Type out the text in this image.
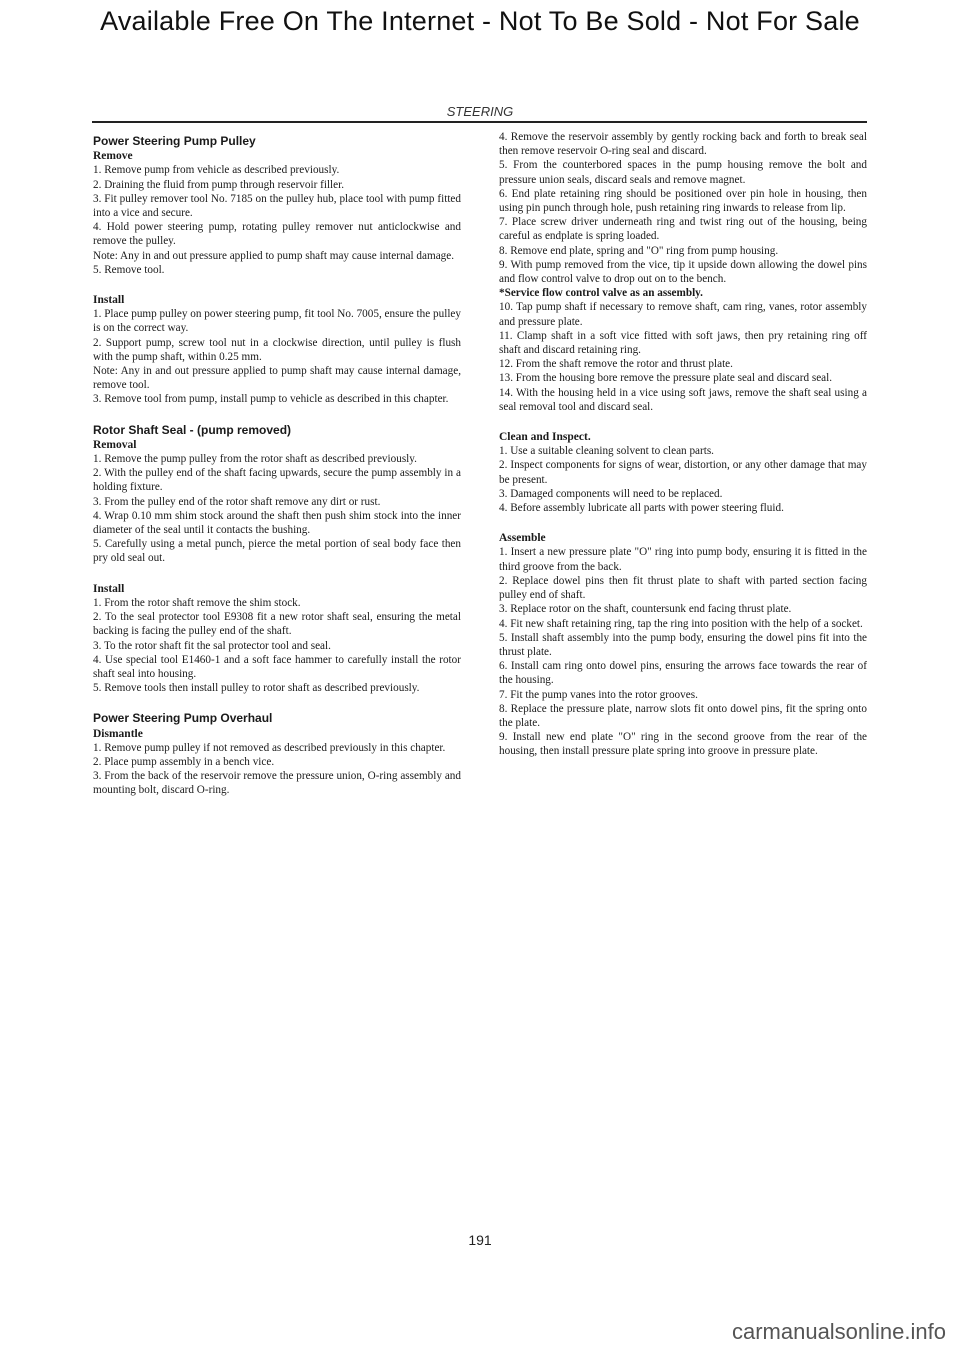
Available Free On The Internet - Not To Be Sold - Not For Sale
STEERING
Power Steering Pump Pulley
Remove

1. Remove pump from vehicle as described previously.

2. Draining the fluid from pump through reservoir filler.

3. Fit pulley remover tool No. 7185 on the pulley hub, place tool with pump fitted into a vice and secure.

4. Hold power steering pump, rotating pulley remover nut anticlockwise and remove the pulley.

Note: Any in and out pressure applied to pump shaft may cause internal damage.

5. Remove tool.

Install

1. Place pump pulley on power steering pump, fit tool No. 7005, ensure the pulley is on the correct way.

2. Support pump, screw tool nut in a clockwise direction, until pulley is flush with the pump shaft, within 0.25 mm.

Note: Any in and out pressure applied to pump shaft may cause internal damage, remove tool.

3. Remove tool from pump, install pump to vehicle as described in this chapter.

Rotor Shaft Seal - (pump removed)
Removal

1. Remove the pump pulley from the rotor shaft as described previously.

2. With the pulley end of the shaft facing upwards, secure the pump assembly in a holding fixture.

3. From the pulley end of the rotor shaft remove any dirt or rust.

4. Wrap 0.10 mm shim stock around the shaft then push shim stock into the inner diameter of the seal until it contacts the bushing.

5. Carefully using a metal punch, pierce the metal portion of seal body face then pry old seal out.

Install

1. From the rotor shaft remove the shim stock.

2. To the seal protector tool E9308 fit a new rotor shaft seal, ensuring the metal backing is facing the pulley end of the shaft.

3. To the rotor shaft fit the sal protector tool and seal.

4. Use special tool E1460-1 and a soft face hammer to carefully install the rotor shaft seal into housing.

5. Remove tools then install pulley to rotor shaft as described previously.

Power Steering Pump Overhaul
Dismantle

1. Remove pump pulley if not removed as described previously in this chapter.

2. Place pump assembly in a bench vice.

3. From the back of the reservoir remove the pressure union, O-ring assembly and mounting bolt, discard O-ring.

4. Remove the reservoir assembly by gently rocking back and forth to break seal then remove reservoir O-ring seal and discard.

5. From the counterbored spaces in the pump housing remove the bolt and pressure union seals, discard seals and remove magnet.

6. End plate retaining ring should be positioned over pin hole in housing, then using pin punch through hole, push retaining ring inwards to release from lip.

7. Place screw driver underneath ring and twist ring out of the housing, being careful as endplate is spring loaded.

8. Remove end plate, spring and "O" ring from pump housing.

9. With pump removed from the vice, tip it upside down allowing the dowel pins and flow control valve to drop out on to the bench.

*Service flow control valve as an assembly.

10. Tap pump shaft if necessary to remove shaft, cam ring, vanes, rotor assembly and pressure plate.

11. Clamp shaft in a soft vice fitted with soft jaws, then pry retaining ring off shaft and discard retaining ring.

12. From the shaft remove the rotor and thrust plate.

13. From the housing bore remove the pressure plate seal and discard seal.

14. With the housing held in a vice using soft jaws, remove the shaft seal using a seal removal tool and discard seal.

Clean and Inspect.

1. Use a suitable cleaning solvent to clean parts.

2. Inspect components for signs of wear, distortion, or any other damage that may be present.

3. Damaged components will need to be replaced.

4. Before assembly lubricate all parts with power steering fluid.

Assemble

1. Insert a new pressure plate "O" ring into pump body, ensuring it is fitted in the third groove from the back.

2. Replace dowel pins then fit thrust plate to shaft with parted section facing pulley end of shaft.

3. Replace rotor on the shaft, countersunk end facing thrust plate.

4. Fit new shaft retaining ring, tap the ring into position with the help of a socket.

5. Install shaft assembly into the pump body, ensuring the dowel pins fit into the thrust plate.

6. Install cam ring onto dowel pins, ensuring the arrows face towards the rear of the housing.

7. Fit the pump vanes into the rotor grooves.

8. Replace the pressure plate, narrow slots fit onto dowel pins, fit the spring onto the plate.

9. Install new end plate "O" ring in the second groove from the rear of the housing, then install pressure plate spring into groove in pressure plate.

191
carmanualsonline.info
